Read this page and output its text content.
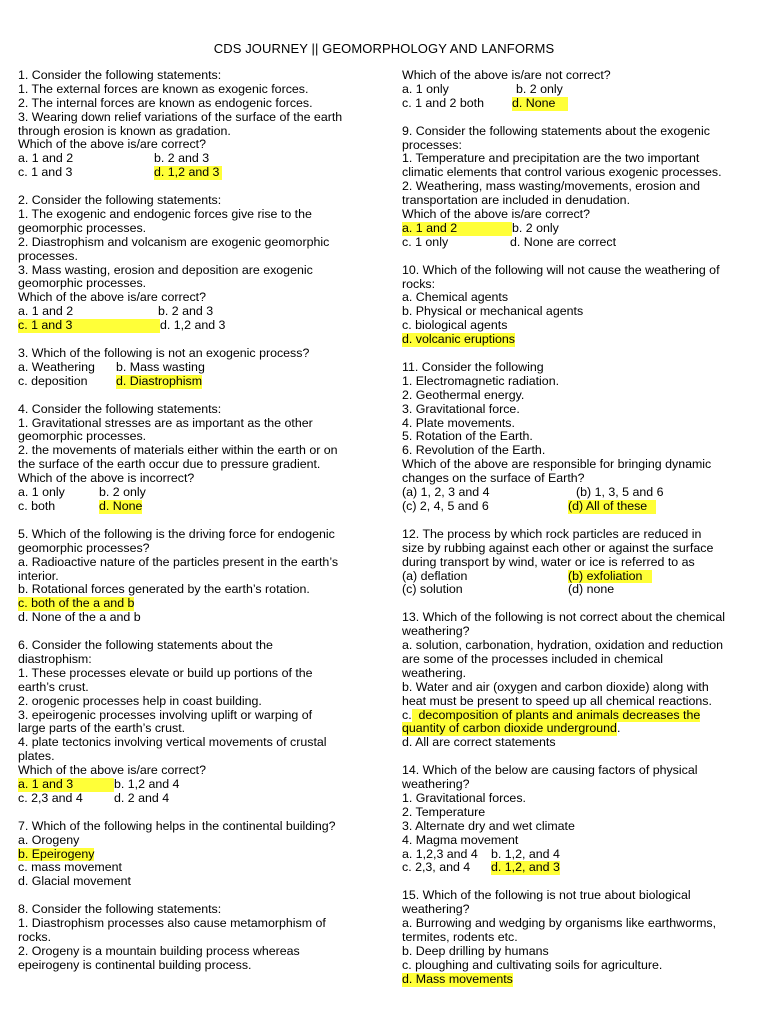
CDS JOURNEY || GEOMORPHOLOGY AND LANFORMS
1. Consider the following statements:
1. The external forces are known as exogenic forces.
2. The internal forces are known as endogenic forces.
3. Wearing down relief variations of the surface of the earth
through erosion is known as gradation.
Which of the above is/are correct?
a. 1 and 2	b. 2 and 3
c. 1 and 3	d. 1,2 and 3
2. Consider the following statements:
1. The exogenic and endogenic forces give rise to the
geomorphic processes.
2. Diastrophism and volcanism are exogenic geomorphic
processes.
3. Mass wasting, erosion and deposition are exogenic
geomorphic processes.
Which of the above is/are correct?
a. 1 and 2	b. 2 and 3
c. 1 and 3	d. 1,2 and 3
3. Which of the following is not an exogenic process?
a. Weathering b. Mass wasting
c. deposition d. Diastrophism
4. Consider the following statements:
1. Gravitational stresses are as important as the other
geomorphic processes.
2. the movements of materials either within the earth or on
the surface of the earth occur due to pressure gradient.
Which of the above is incorrect?
a. 1 only	b. 2 only
c. both	d. None
5. Which of the following is the driving force for endogenic
geomorphic processes?
a. Radioactive nature of the particles present in the earth’s
interior.
b. Rotational forces generated by the earth’s rotation.
c. both of the a and b
d. None of the a and b
6. Consider the following statements about the
diastrophism:
1. These processes elevate or build up portions of the
earth’s crust.
2. orogenic processes help in coast building.
3. epeirogenic processes involving uplift or warping of
large parts of the earth’s crust.
4. plate tectonics involving vertical movements of crustal
plates.
Which of the above is/are correct?
a. 1 and 3	b. 1,2 and 4
c. 2,3 and 4	d. 2 and 4
7. Which of the following helps in the continental building?
a. Orogeny
b. Epeirogeny
c. mass movement
d. Glacial movement
8. Consider the following statements:
1. Diastrophism processes also cause metamorphism of
rocks.
2. Orogeny is a mountain building process whereas
epeirogeny is continental building process.
Which of the above is/are not correct?
a. 1 only	b. 2 only
c. 1 and 2 both d. None
9. Consider the following statements about the exogenic
processes:
1. Temperature and precipitation are the two important
climatic elements that control various exogenic processes.
2. Weathering, mass wasting/movements, erosion and
transportation are included in denudation.
Which of the above is/are correct?
a. 1 and 2	b. 2 only
c. 1 only	d. None are correct
10. Which of the following will not cause the weathering of
rocks:
a. Chemical agents
b. Physical or mechanical agents
c. biological agents
d. volcanic eruptions
11. Consider the following
1. Electromagnetic radiation.
2. Geothermal energy.
3. Gravitational force.
4. Plate movements.
5. Rotation of the Earth.
6. Revolution of the Earth.
Which of the above are responsible for bringing dynamic
changes on the surface of Earth?
(a) 1, 2, 3 and 4	(b) 1, 3, 5 and 6
(c) 2, 4, 5 and 6	(d) All of these
12. The process by which rock particles are reduced in
size by rubbing against each other or against the surface
during transport by wind, water or ice is referred to as
(a) deflation	(b) exfoliation
(c) solution	(d) none
13. Which of the following is not correct about the chemical
weathering?
a. solution, carbonation, hydration, oxidation and reduction
are some of the processes included in chemical
weathering.
b. Water and air (oxygen and carbon dioxide) along with
heat must be present to speed up all chemical reactions.
c.  decomposition of plants and animals decreases the
quantity of carbon dioxide underground.
d. All are correct statements
14. Which of the below are causing factors of physical
weathering?
1. Gravitational forces.
2. Temperature
3. Alternate dry and wet climate
4. Magma movement
a. 1,2,3 and 4 b. 1,2, and 4
c. 2,3, and 4 d. 1,2, and 3
15. Which of the following is not true about biological
weathering?
a. Burrowing and wedging by organisms like earthworms,
termites, rodents etc.
b. Deep drilling by humans
c. ploughing and cultivating soils for agriculture.
d. Mass movements
